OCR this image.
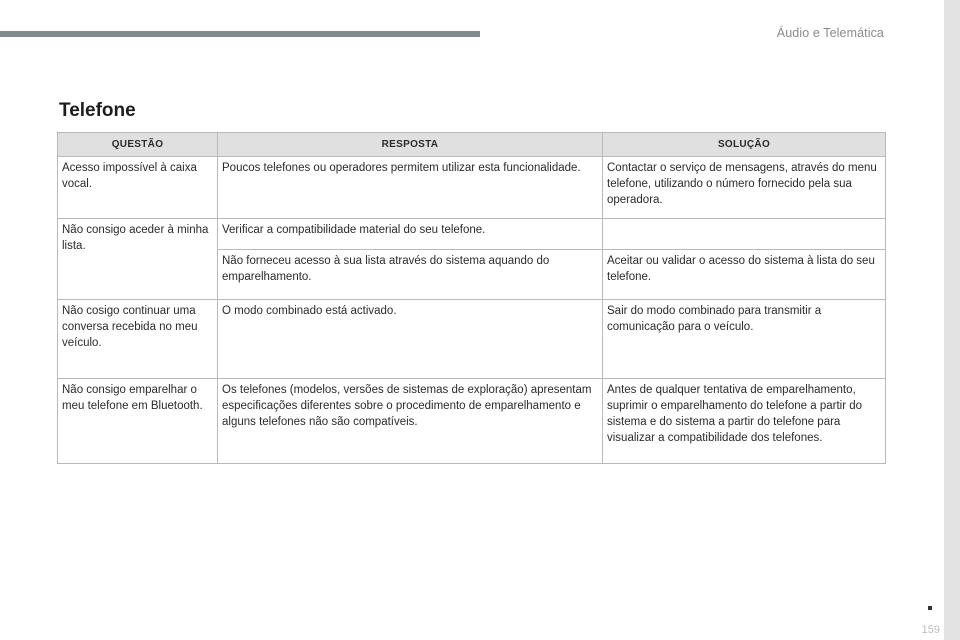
Áudio e Telemática
Telefone
QUESTÃO	RESPOSTA	SOLUÇÃO
Acesso impossível à caixa vocal.	Poucos telefones ou operadores permitem utilizar esta funcionalidade.	Contactar o serviço de mensagens, através do menu telefone, utilizando o número fornecido pela sua operadora.
Não consigo aceder à minha lista.	Verificar a compatibilidade material do seu telefone.	
	Não forneceu acesso à sua lista através do sistema aquando do emparelhamento.	Aceitar ou validar o acesso do sistema à lista do seu telefone.
Não cosigo continuar uma conversa recebida no meu veículo.	O modo combinado está activado.	Sair do modo combinado para transmitir a comunicação para o veículo.
Não consigo emparelhar o meu telefone em Bluetooth.	Os telefones (modelos, versões de sistemas de exploração) apresentam especificações diferentes sobre o procedimento de emparelhamento e alguns telefones não são compatíveis.	Antes de qualquer tentativa de emparelhamento, suprimir o emparelhamento do telefone a partir do sistema e do sistema a partir do telefone para visualizar a compatibilidade dos telefones.
159
